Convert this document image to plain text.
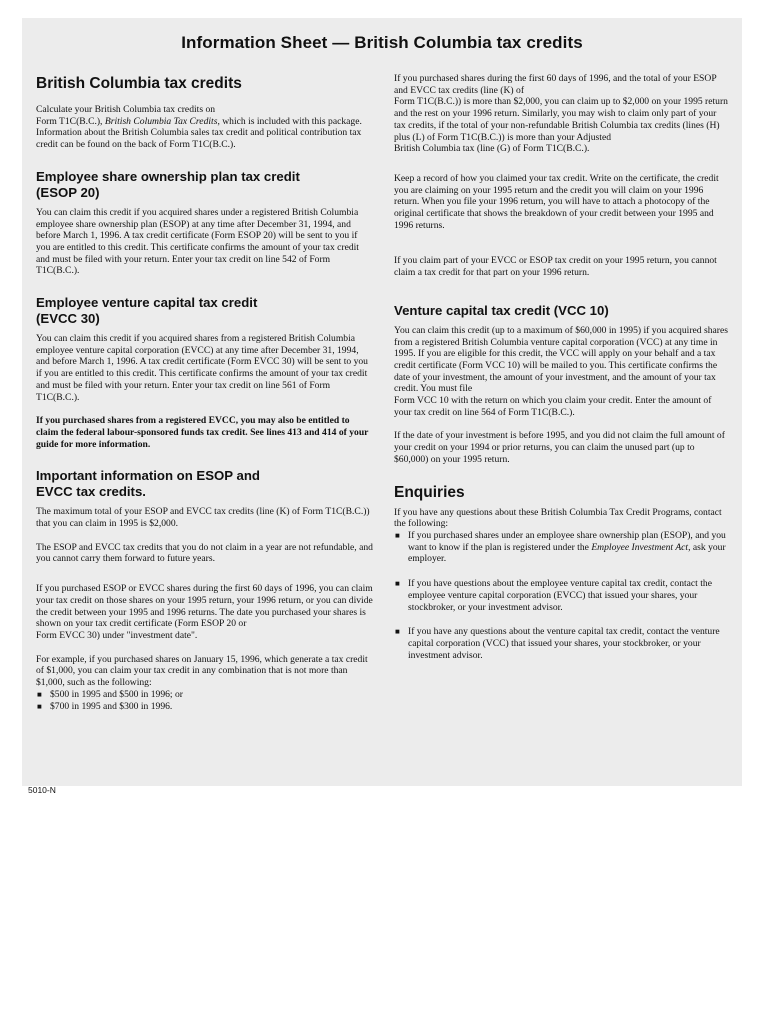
Information Sheet — British Columbia tax credits
British Columbia tax credits

Calculate your British Columbia tax credits on

Form T1C(B.C.), British Columbia Tax Credits, which is included with this package. Information about the British Columbia sales tax credit and political contribution tax credit can be found on the back of Form T1C(B.C.).

Employee share ownership plan tax credit
(ESOP 20)

You can claim this credit if you acquired shares under a registered British Columbia employee share ownership plan (ESOP) at any time after December 31, 1994, and before March 1, 1996. A tax credit certificate (Form ESOP 20) will be sent to you if you are entitled to this credit. This certificate confirms the amount of your tax credit and must be filed with your return. Enter your tax credit on line 542 of Form T1C(B.C.).

Employee venture capital tax credit
(EVCC 30)

You can claim this credit if you acquired shares from a registered British Columbia employee venture capital corporation (EVCC) at any time after December 31, 1994, and before March 1, 1996. A tax credit certificate (Form EVCC 30) will be sent to you if you are entitled to this credit. This certificate confirms the amount of your tax credit and must be filed with your return. Enter your tax credit on line 561 of Form T1C(B.C.).

If you purchased shares from a registered EVCC, you may also be entitled to claim the federal labour-sponsored funds tax credit. See lines 413 and 414 of your guide for more information.

Important information on ESOP and
EVCC tax credits.

The maximum total of your ESOP and EVCC tax credits (line (K) of Form T1C(B.C.)) that you can claim in 1995 is $2,000.

The ESOP and EVCC tax credits that you do not claim in a year are not refundable, and you cannot carry them forward to future years.

If you purchased ESOP or EVCC shares during the first 60 days of 1996, you can claim your tax credit on those shares on your 1995 return, your 1996 return, or you can divide the credit between your 1995 and 1996 returns. The date you purchased your shares is shown on your tax credit certificate (Form ESOP 20 or

Form EVCC 30) under "investment date".

For example, if you purchased shares on January 15, 1996, which generate a tax credit of $1,000, you can claim your tax credit in any combination that is not more than $1,000, such as the following:

■ $500 in 1995 and $500 in 1996; or
■ $700 in 1995 and $300 in 1996.

If you purchased shares during the first 60 days of 1996, and the total of your ESOP and EVCC tax credits (line (K) of

Form T1C(B.C.)) is more than $2,000, you can claim up to $2,000 on your 1995 return and the rest on your 1996 return. Similarly, you may wish to claim only part of your tax credits, if the total of your non-refundable British Columbia tax credits (lines (H) plus (L) of Form T1C(B.C.)) is more than your Adjusted

British Columbia tax (line (G) of Form T1C(B.C.).

Keep a record of how you claimed your tax credit. Write on the certificate, the credit you are claiming on your 1995 return and the credit you will claim on your 1996 return. When you file your 1996 return, you will have to attach a photocopy of the original certificate that shows the breakdown of your credit between your 1995 and 1996 returns.

If you claim part of your EVCC or ESOP tax credit on your 1995 return, you cannot claim a tax credit for that part on your 1996 return.

Venture capital tax credit (VCC 10)

You can claim this credit (up to a maximum of $60,000 in 1995) if you acquired shares from a registered British Columbia venture capital corporation (VCC) at any time in 1995. If you are eligible for this credit, the VCC will apply on your behalf and a tax credit certificate (Form VCC 10) will be mailed to you. This certificate confirms the date of your investment, the amount of your investment, and the amount of your tax credit. You must file

Form VCC 10 with the return on which you claim your credit. Enter the amount of your tax credit on line 564 of Form T1C(B.C.).

If the date of your investment is before 1995, and you did not claim the full amount of your credit on your 1994 or prior returns, you can claim the unused part (up to $60,000) on your 1995 return.

Enquiries

If you have any questions about these British Columbia Tax Credit Programs, contact the following:

■ If you purchased shares under an employee share ownership plan (ESOP), and you want to know if the plan is registered under the Employee Investment Act, ask your employer.
■ If you have questions about the employee venture capital tax credit, contact the employee venture capital corporation (EVCC) that issued your shares, your stockbroker, or your investment advisor.
■ If you have any questions about the venture capital tax credit, contact the venture capital corporation (VCC) that issued your shares, your stockbroker, or your investment advisor.
5010-N
